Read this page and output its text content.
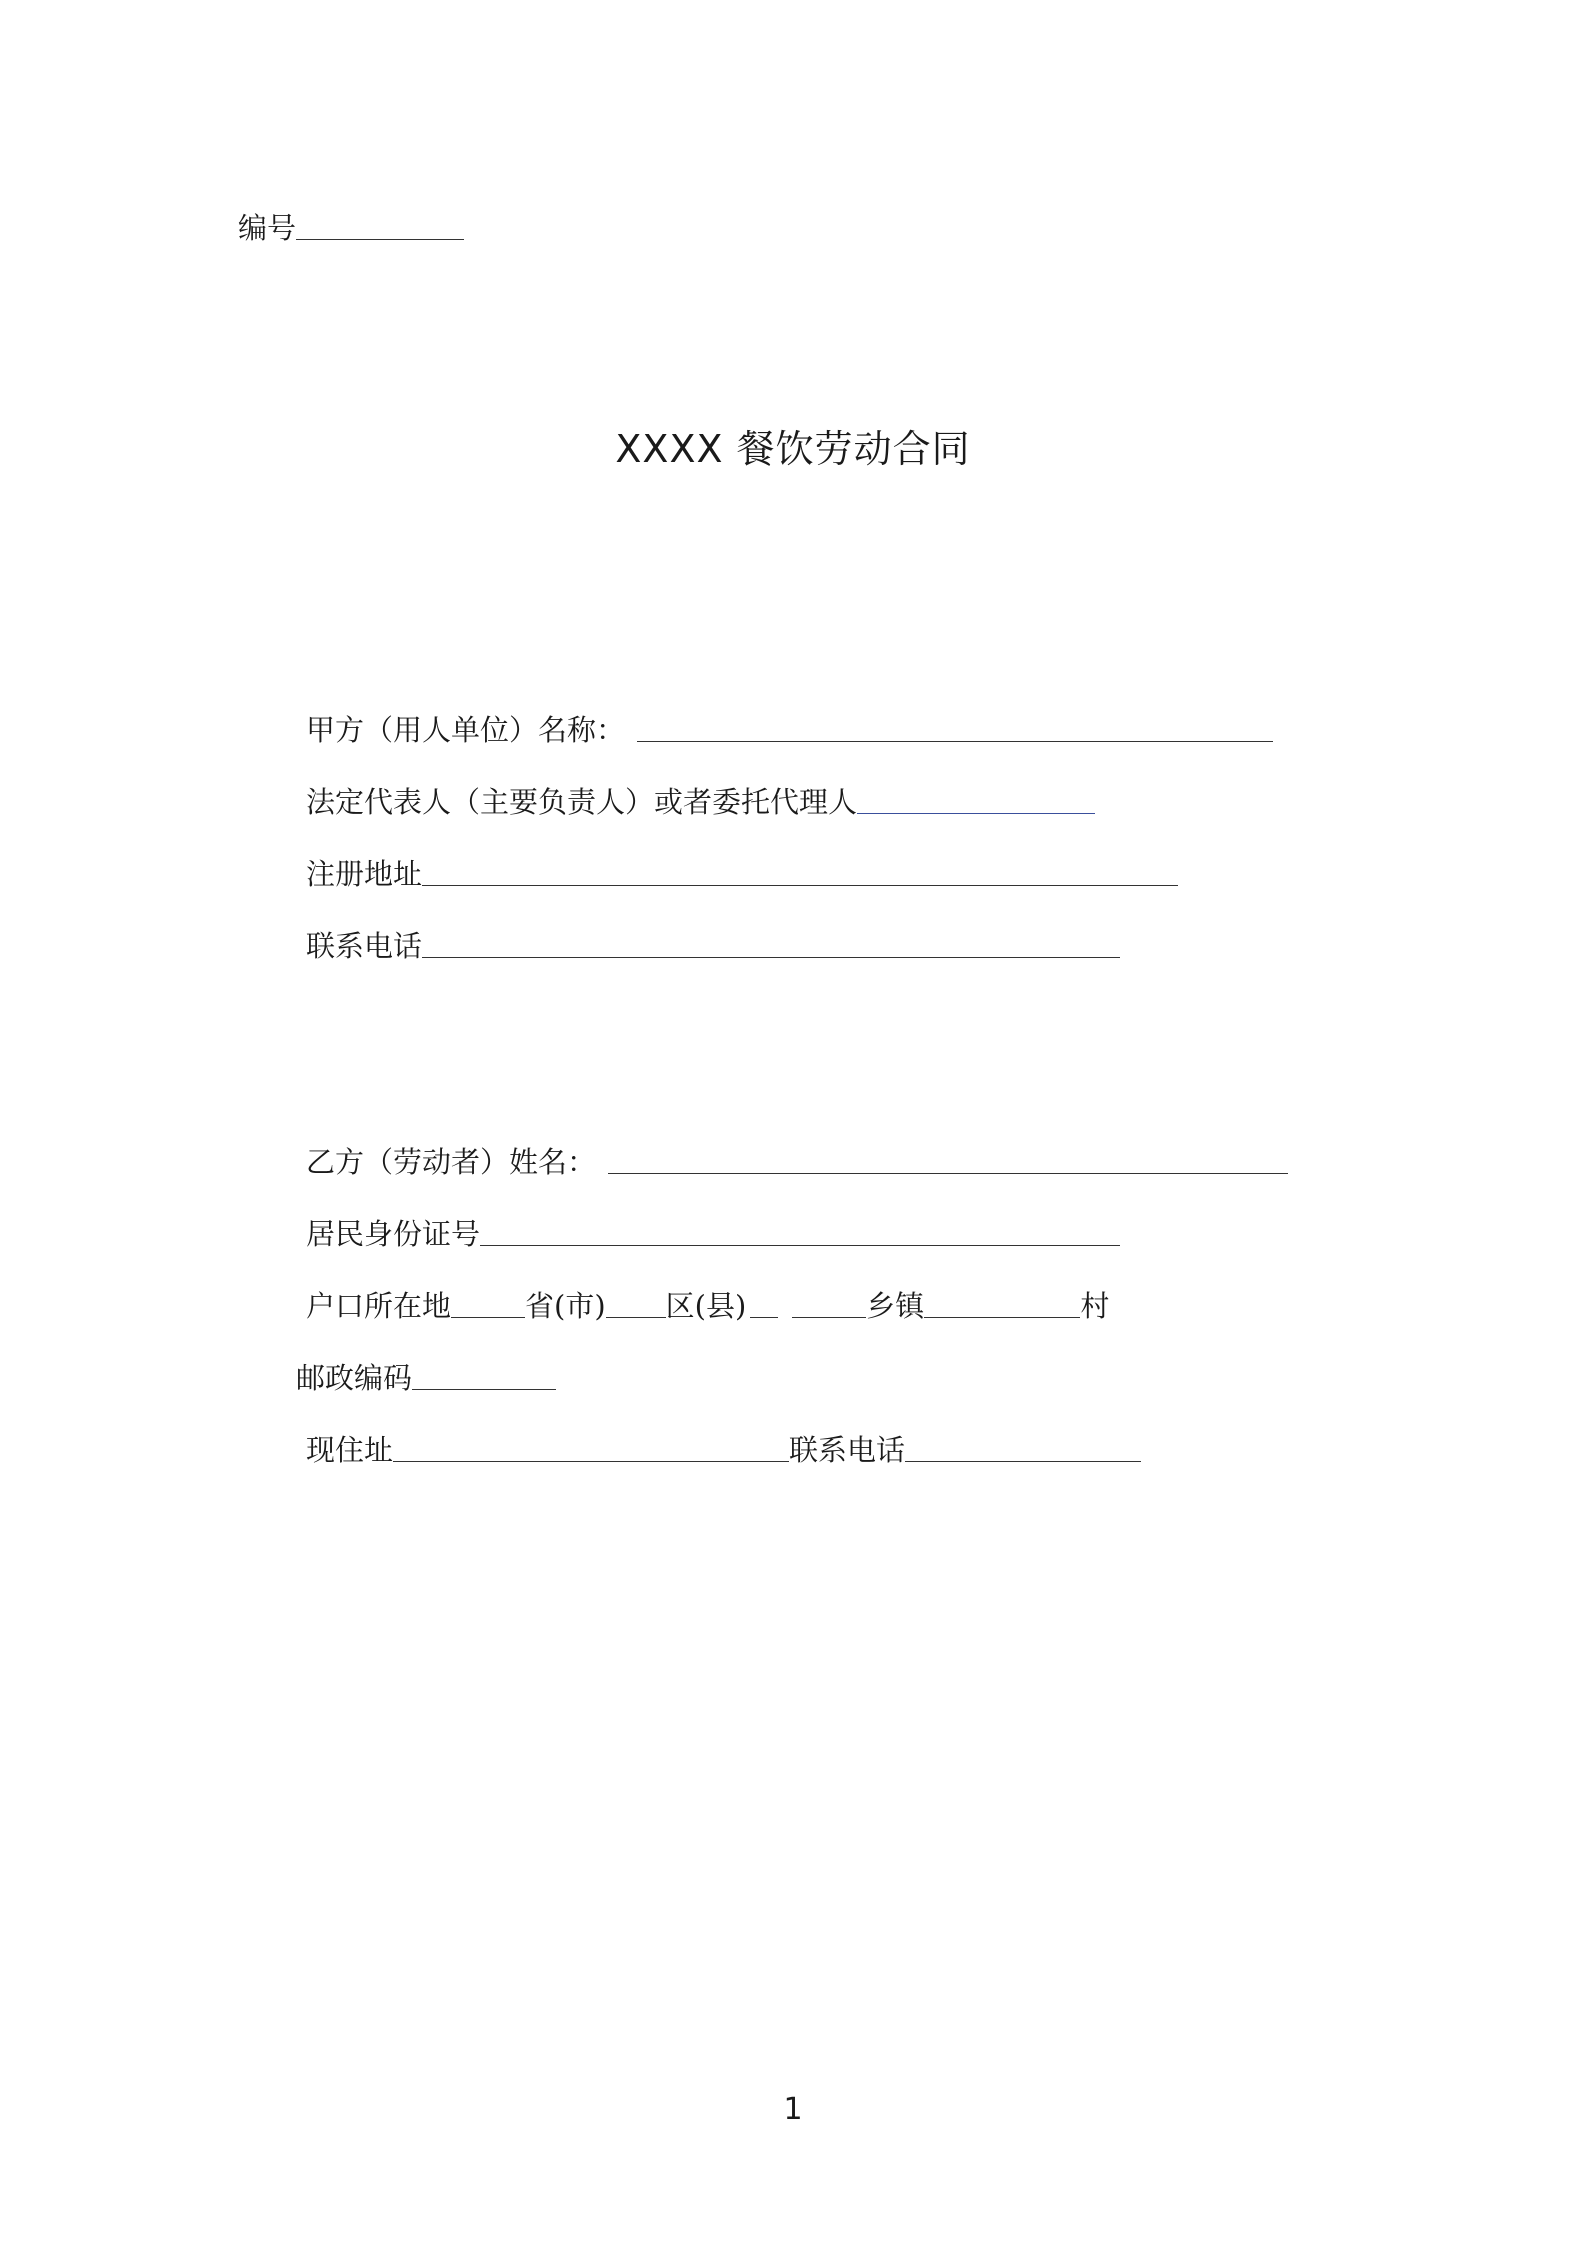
编号
XXXX 餐饮劳动合同
甲方（用人单位）名称：
法定代表人（主要负责人）或者委托代理人
注册地址
联系电话
乙方（劳动者）姓名：
居民身份证号
户口所在地	省(市) 区(县)	乡镇	村
邮政编码
现住址	联系电话
1
